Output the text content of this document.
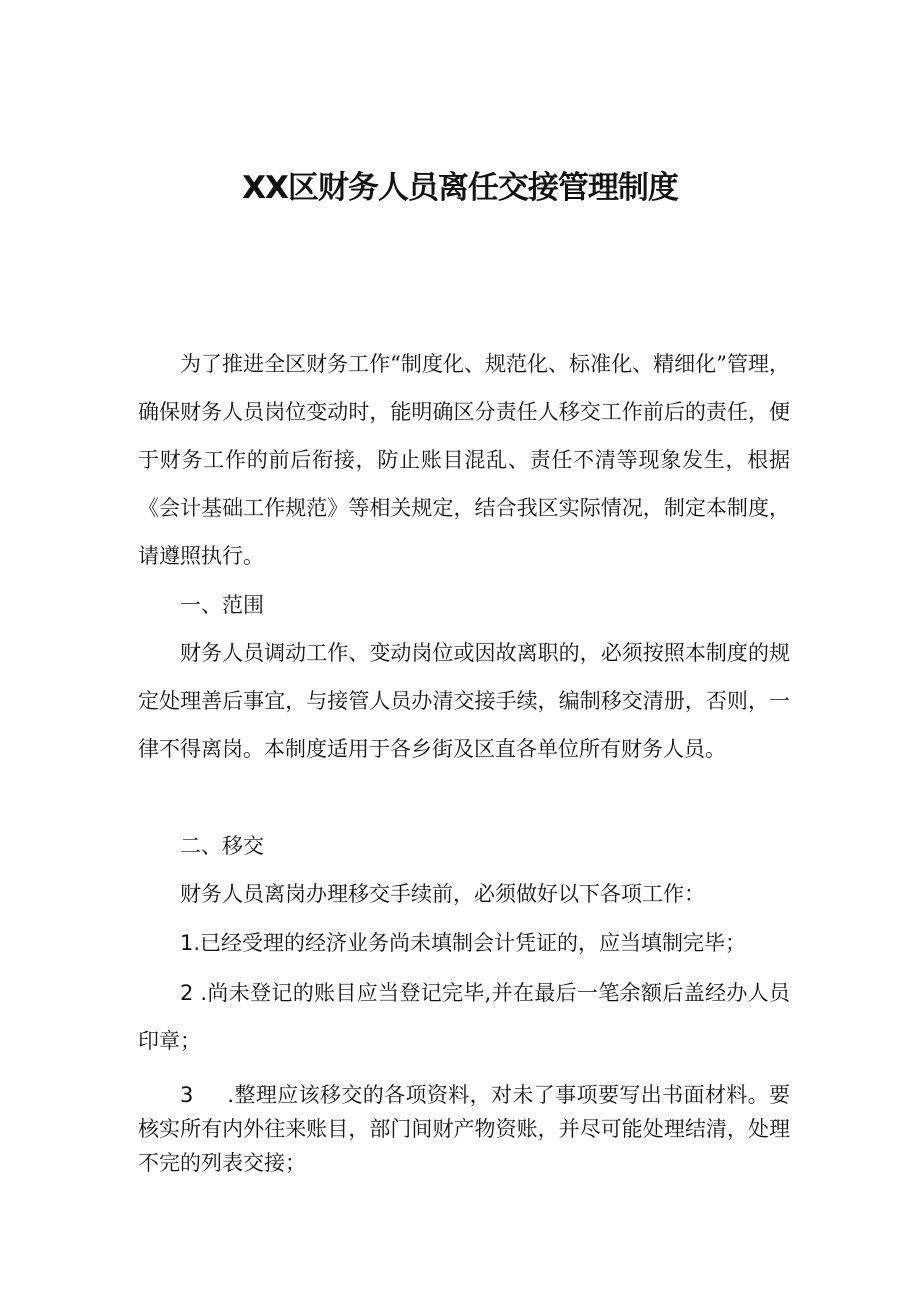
XX区财务人员离任交接管理制度

为了推进全区财务工作“制度化、规范化、标准化、精细化”管理，确保财务人员岗位变动时，能明确区分责任人移交工作前后的责任，便于财务工作的前后衔接，防止账目混乱、责任不清等现象发生，根据《会计基础工作规范》等相关规定，结合我区实际情况，制定本制度，请遵照执行。

一、范围

财务人员调动工作、变动岗位或因故离职的，必须按照本制度的规定处理善后事宜，与接管人员办清交接手续，编制移交清册，否则，一律不得离岗。本制度适用于各乡街及区直各单位所有财务人员。

二、移交

财务人员离岗办理移交手续前，必须做好以下各项工作：

1.已经受理的经济业务尚未填制会计凭证的，应当填制完毕；

2 .尚未登记的账目应当登记完毕,并在最后一笔余额后盖经办人员印章；

3 .整理应该移交的各项资料，对未了事项要写出书面材料。要核实所有内外往来账目，部门间财产物资账，并尽可能处理结清，处理不完的列表交接；
